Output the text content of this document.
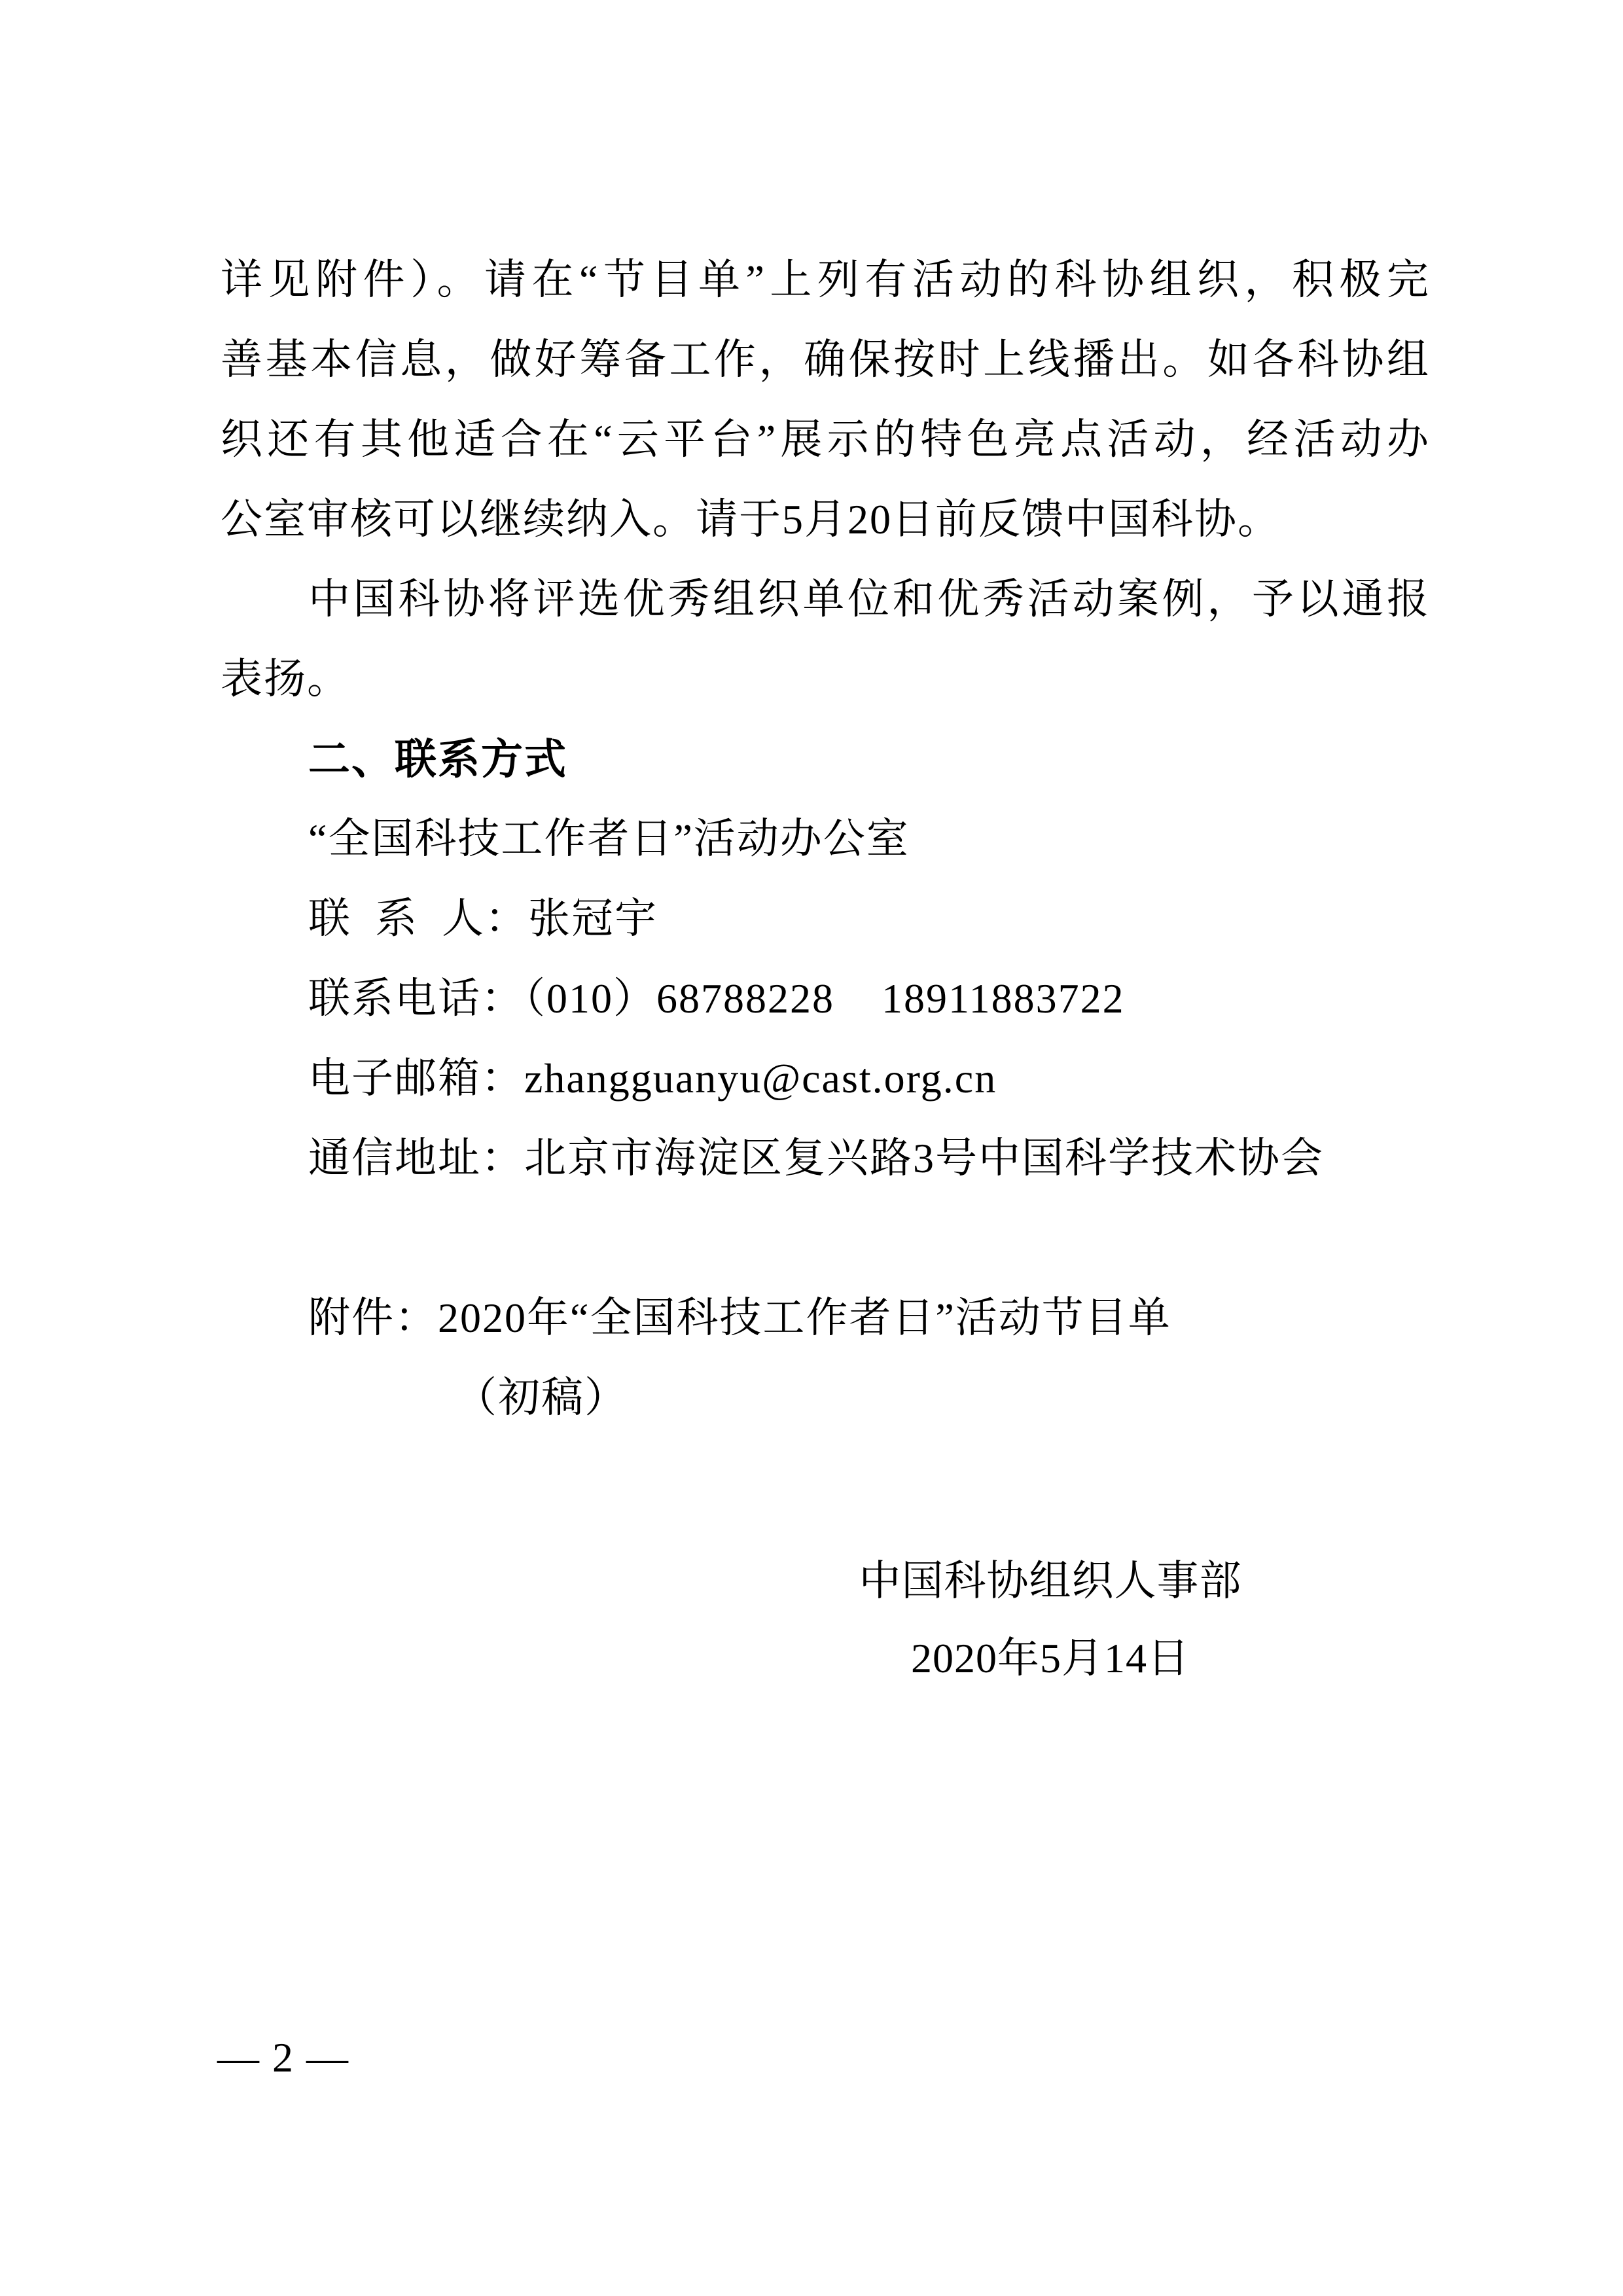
详见附件）。请在“节目单”上列有活动的科协组织，积极完
善基本信息，做好筹备工作，确保按时上线播出。如各科协组
织还有其他适合在“云平台”展示的特色亮点活动，经活动办
公室审核可以继续纳入。请于5月20日前反馈中国科协。
中国科协将评选优秀组织单位和优秀活动案例，予以通报
表扬。
二、联系方式
“全国科技工作者日”活动办公室
联  系  人：张冠宇
联系电话：（010）68788228    18911883722
电子邮箱：zhangguanyu@cast.org.cn
通信地址：北京市海淀区复兴路3号中国科学技术协会
附件：2020年“全国科技工作者日”活动节目单
（初稿）
中国科协组织人事部
2020年5月14日
— 2 —
